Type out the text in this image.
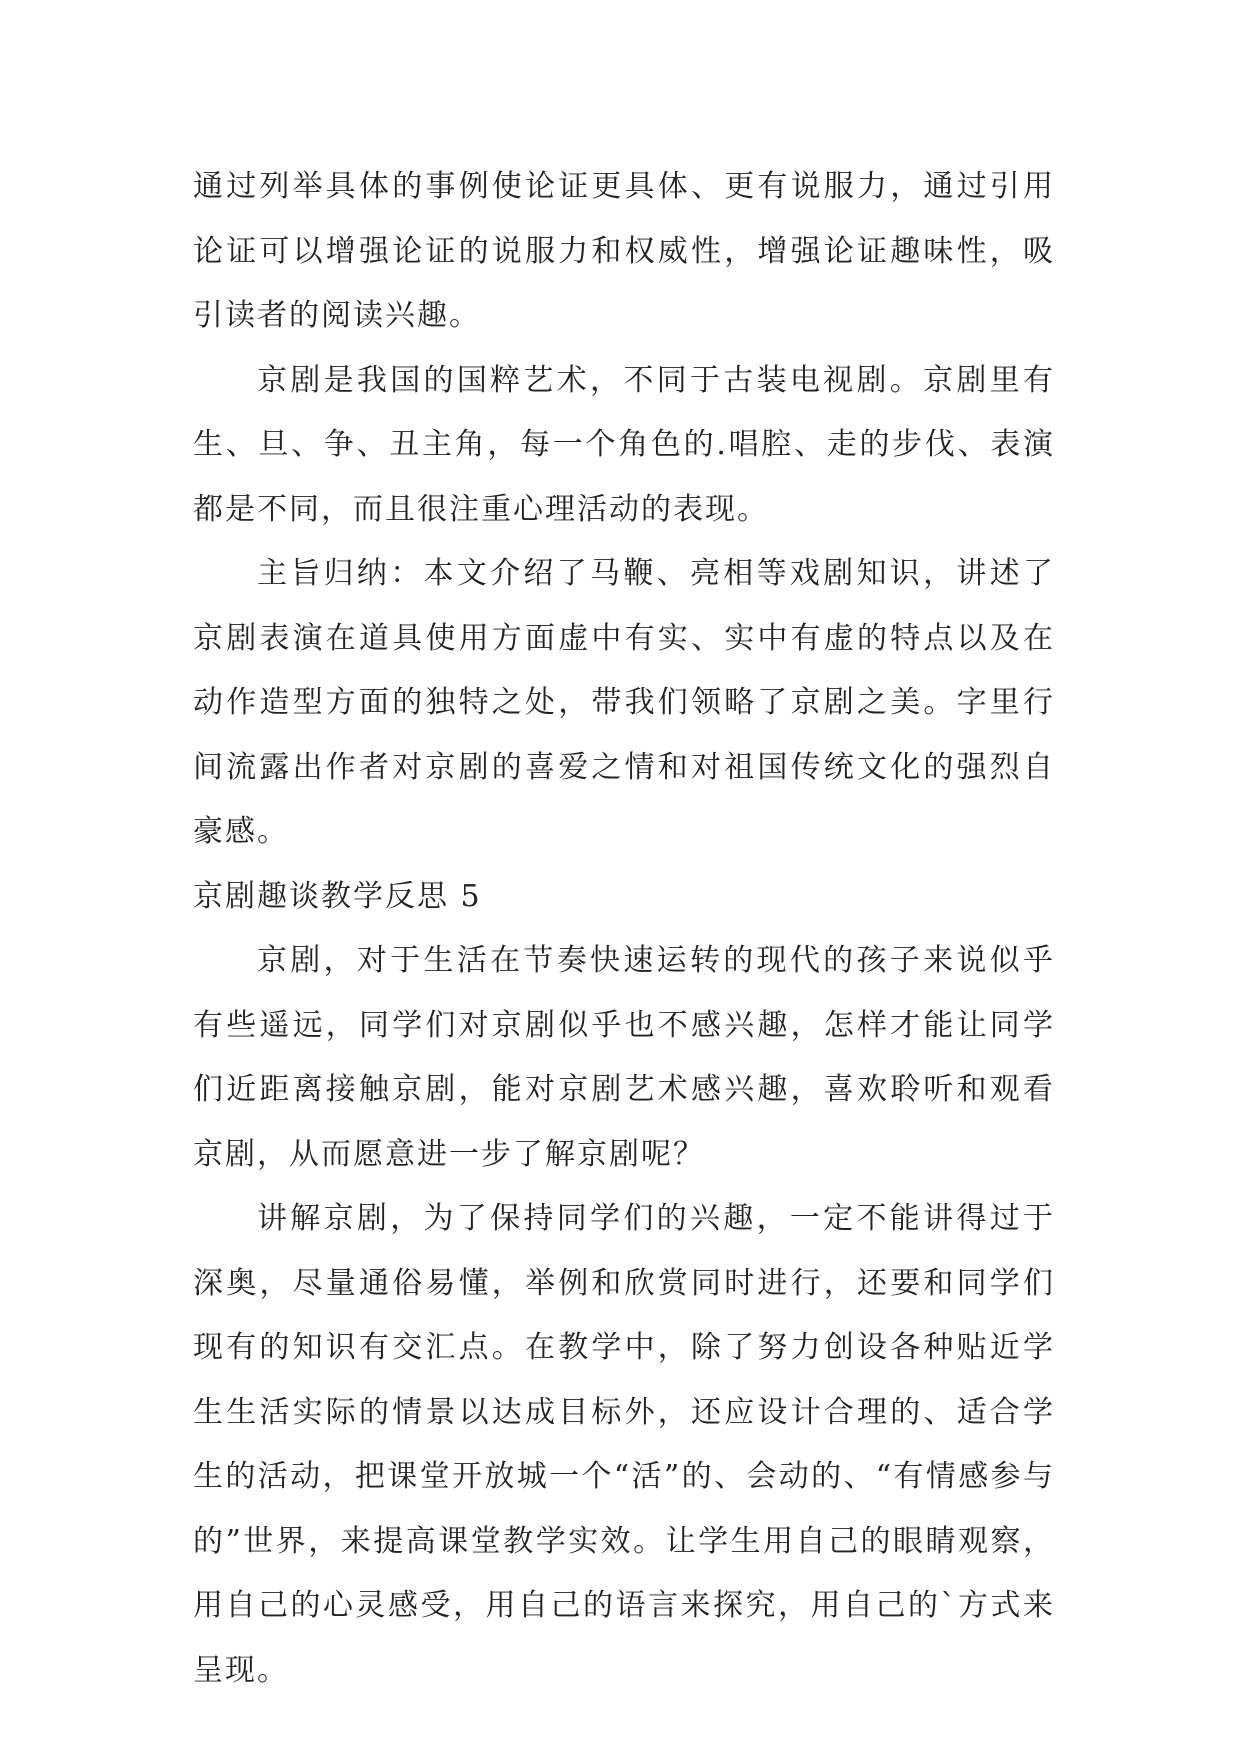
通过列举具体的事例使论证更具体、更有说服力，通过引用论证可以增强论证的说服力和权威性，增强论证趣味性，吸引读者的阅读兴趣。

京剧是我国的国粹艺术，不同于古装电视剧。京剧里有生、旦、争、丑主角，每一个角色的.唱腔、走的步伐、表演都是不同，而且很注重心理活动的表现。

主旨归纳：本文介绍了马鞭、亮相等戏剧知识，讲述了京剧表演在道具使用方面虚中有实、实中有虚的特点以及在动作造型方面的独特之处，带我们领略了京剧之美。字里行间流露出作者对京剧的喜爱之情和对祖国传统文化的强烈自豪感。

京剧趣谈教学反思 5

京剧，对于生活在节奏快速运转的现代的孩子来说似乎有些遥远，同学们对京剧似乎也不感兴趣，怎样才能让同学们近距离接触京剧，能对京剧艺术感兴趣，喜欢聆听和观看京剧，从而愿意进一步了解京剧呢？

讲解京剧，为了保持同学们的兴趣，一定不能讲得过于深奥，尽量通俗易懂，举例和欣赏同时进行，还要和同学们现有的知识有交汇点。在教学中，除了努力创设各种贴近学生生活实际的情景以达成目标外，还应设计合理的、适合学生的活动，把课堂开放城一个“活”的、会动的、“有情感参与的”世界，来提高课堂教学实效。让学生用自己的眼睛观察，用自己的心灵感受，用自己的语言来探究，用自己的`方式来呈现。
